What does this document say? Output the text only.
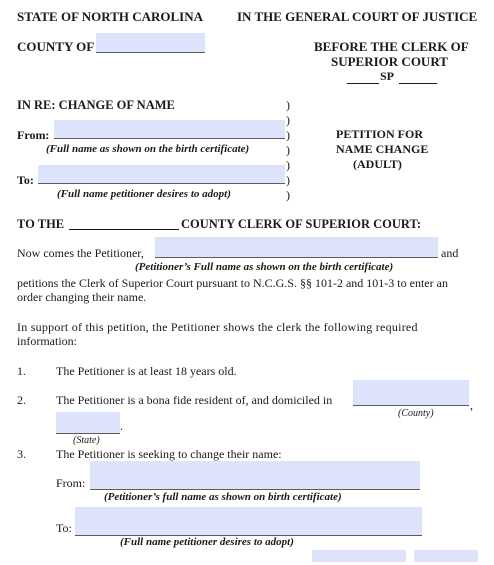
STATE OF NORTH CAROLINA	IN THE GENERAL COURT OF JUSTICE
COUNTY OF	BEFORE THE CLERK OF
SUPERIOR COURT
SP
IN RE: CHANGE OF NAME	)
)
From:	)
(Full name as shown on the birth certificate)	)
)
To:	)
(Full name petitioner desires to adopt)	)
PETITION FOR
NAME CHANGE
(ADULT)
TO THE	COUNTY CLERK OF SUPERIOR COURT:
Now comes the Petitioner,	and
(Petitioner’s Full name as shown on the birth certificate)
petitions the Clerk of Superior Court pursuant to N.C.G.S. §§ 101-2 and 101-3 to enter an
order changing their name.
In support of this petition, the Petitioner shows the clerk the following required
information:
1.	The Petitioner is at least 18 years old.
2.	The Petitioner is a bona fide resident of, and domiciled in
(County)
,
.
(State)
3.	The Petitioner is seeking to change their name:
From:
(Petitioner’s full name as shown on birth certificate)
To:
(Full name petitioner desires to adopt)
